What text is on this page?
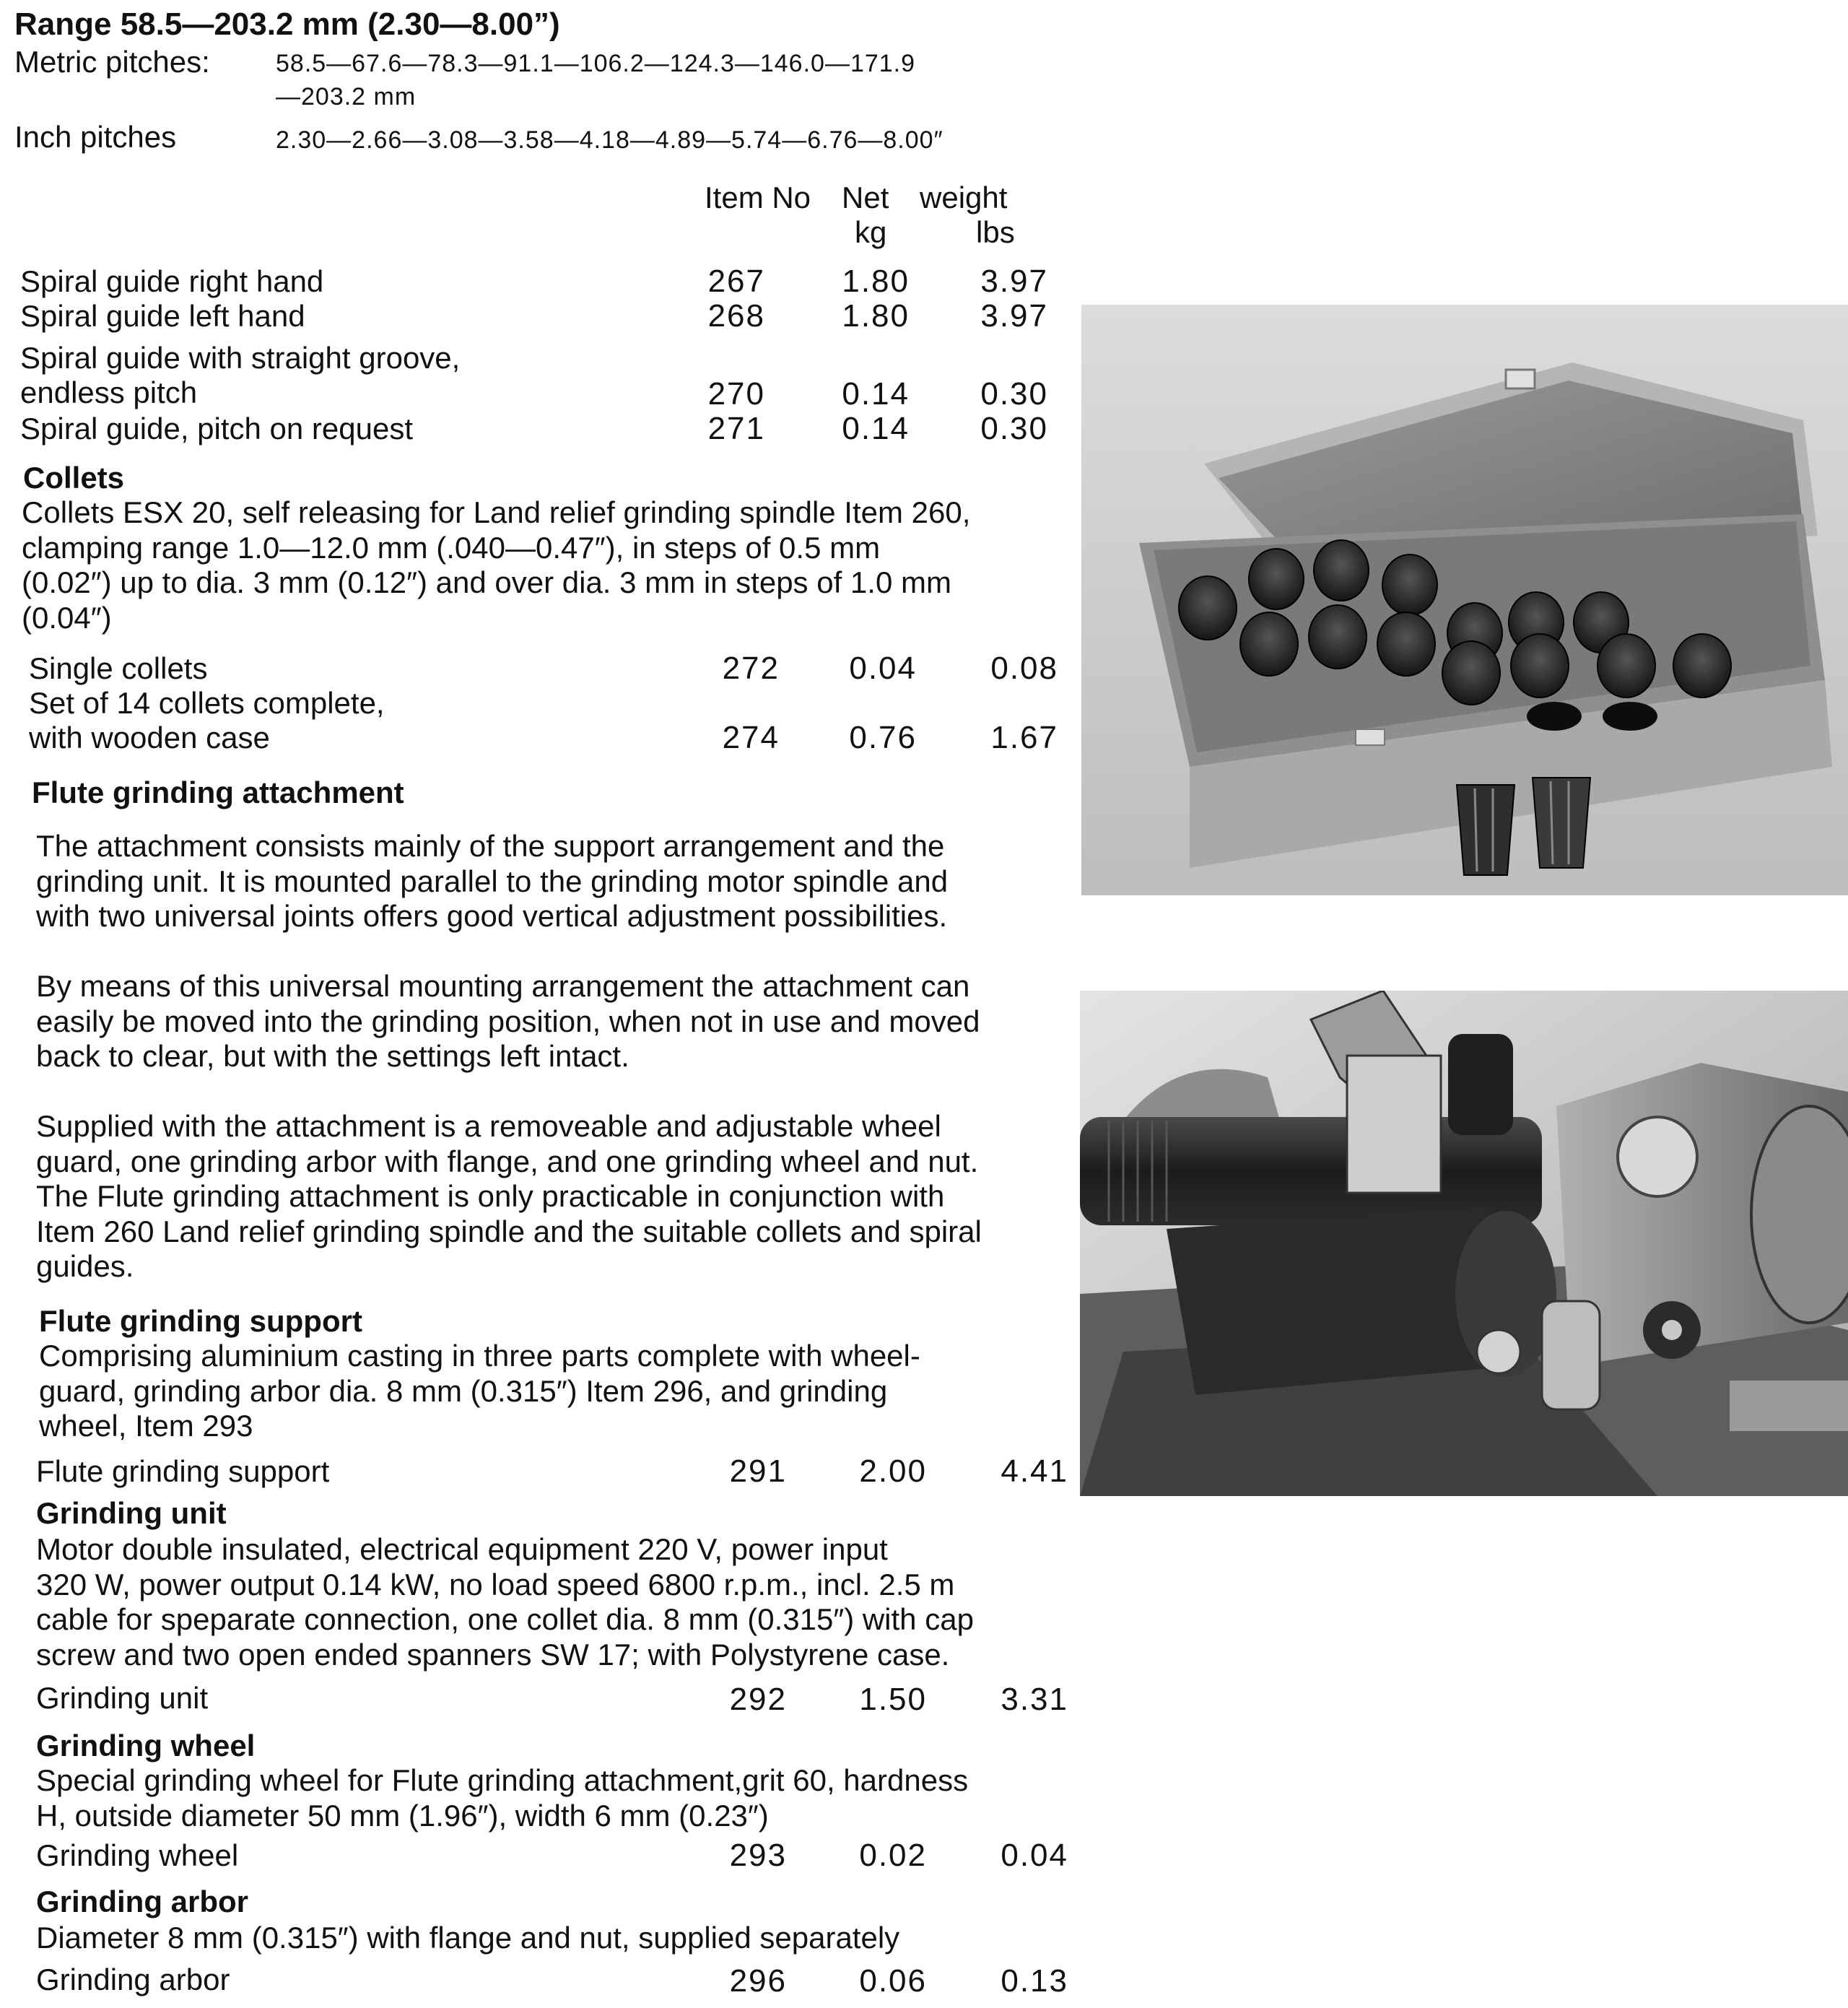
Range 58.5—203.2 mm (2.30—8.00”)
Metric pitches:	58.5—67.6—78.3—91.1—106.2—124.3—146.0—171.9
—203.2 mm
Inch pitches	2.30—2.66—3.08—3.58—4.18—4.89—5.74—6.76—8.00″
Item No Net weight
kg	lbs
Spiral guide right hand	267	1.80	3.97
Spiral guide left hand	268	1.80	3.97
Spiral guide with straight groove,
endless pitch	270	0.14	0.30
Spiral guide, pitch on request	271	0.14	0.30
Collets
Collets ESX 20, self releasing for Land relief grinding spindle Item 260,
clamping range 1.0—12.0 mm (.040—0.47″), in steps of 0.5 mm
(0.02″) up to dia. 3 mm (0.12″) and over dia. 3 mm in steps of 1.0 mm
(0.04″)
Single collets	272	0.04	0.08
Set of 14 collets complete,
with wooden case	274	0.76	1.67
Flute grinding attachment
The attachment consists mainly of the support arrangement and the
grinding unit. It is mounted parallel to the grinding motor spindle and
with two universal joints offers good vertical adjustment possibilities.
By means of this universal mounting arrangement the attachment can
easily be moved into the grinding position, when not in use and moved
back to clear, but with the settings left intact.
Supplied with the attachment is a removeable and adjustable wheel
guard, one grinding arbor with flange, and one grinding wheel and nut.
The Flute grinding attachment is only practicable in conjunction with
Item 260 Land relief grinding spindle and the suitable collets and spiral
guides.
Flute grinding support
Comprising aluminium casting in three parts complete with wheel-
guard, grinding arbor dia. 8 mm (0.315″) Item 296, and grinding
wheel, Item 293
Flute grinding support	291	2.00	4.41
Grinding unit
Motor double insulated, electrical equipment 220 V, power input
320 W, power output 0.14 kW, no load speed 6800 r.p.m., incl. 2.5 m
cable for speparate connection, one collet dia. 8 mm (0.315″) with cap
screw and two open ended spanners SW 17; with Polystyrene case.
Grinding unit	292	1.50	3.31
Grinding wheel
Special grinding wheel for Flute grinding attachment,grit 60, hardness
H, outside diameter 50 mm (1.96″), width 6 mm (0.23″)
Grinding wheel	293	0.02	0.04
Grinding arbor
Diameter 8 mm (0.315″) with flange and nut, supplied separately
Grinding arbor	296	0.06	0.13
